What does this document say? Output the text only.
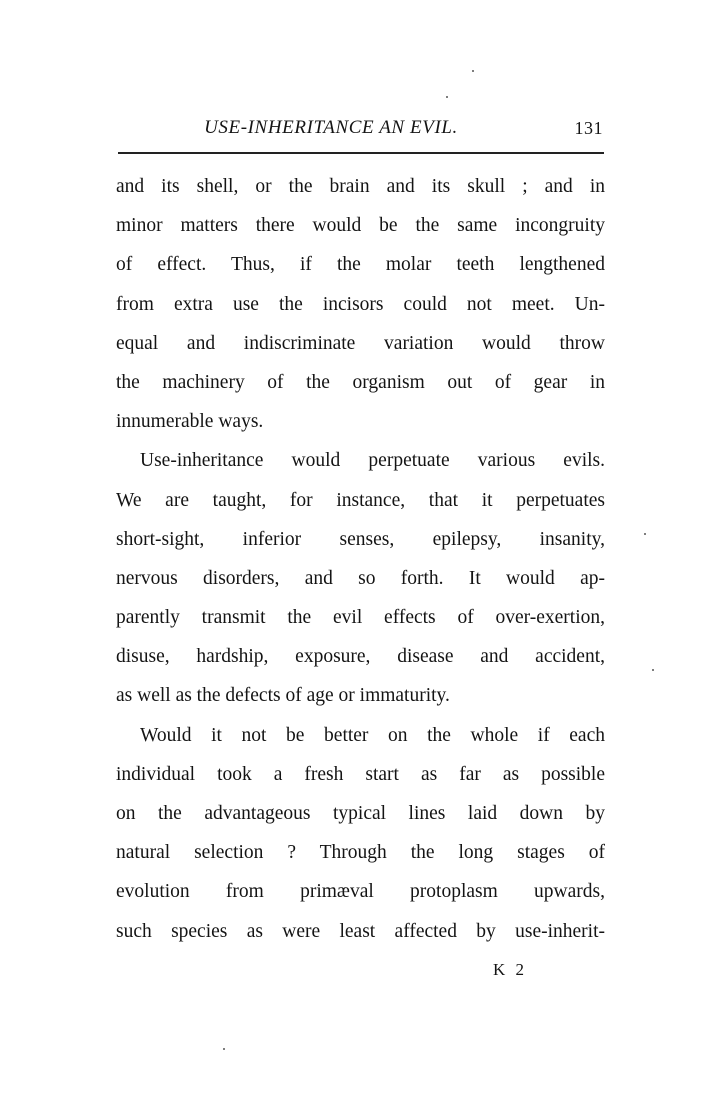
USE-INHERITANCE AN EVIL.	131
and its shell, or the brain and its skull ; and in
minor matters there would be the same incongruity
of effect. Thus, if the molar teeth lengthened
from extra use the incisors could not meet. Un-
equal and indiscriminate variation would throw
the machinery of the organism out of gear in
innumerable ways.
Use-inheritance would perpetuate various evils.
We are taught, for instance, that it perpetuates
short-sight, inferior senses, epilepsy, insanity,
nervous disorders, and so forth. It would ap-
parently transmit the evil effects of over-exertion,
disuse, hardship, exposure, disease and accident,
as well as the defects of age or immaturity.
Would it not be better on the whole if each
individual took a fresh start as far as possible
on the advantageous typical lines laid down by
natural selection ? Through the long stages of
evolution from primæval protoplasm upwards,
such species as were least affected by use-inherit-
K 2
